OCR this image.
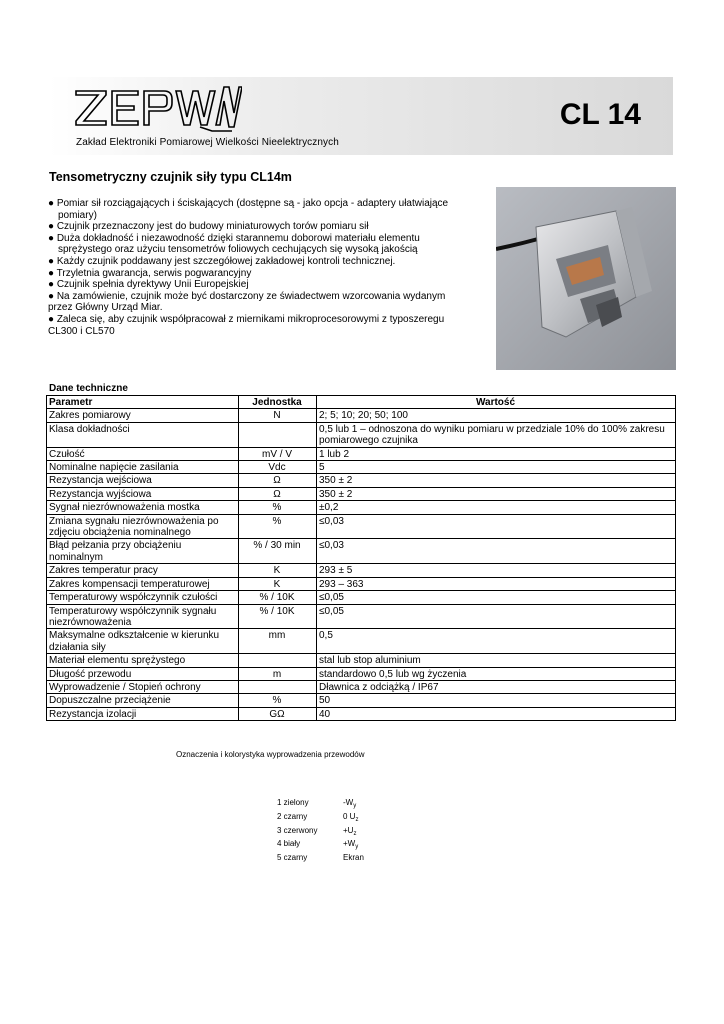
Zakład Elektroniki Pomiarowej Wielkości Nieelektrycznych
CL 14
Tensometryczny czujnik siły typu CL14m
● Pomiar sił rozciągających i ściskających (dostępne są - jako opcja - adaptery ułatwiające
pomiary)
● Czujnik przeznaczony jest do budowy miniaturowych torów pomiaru sił
● Duża dokładność i niezawodność dzięki starannemu doborowi materiału elementu
sprężystego oraz użyciu tensometrów foliowych cechujących się wysoką jakością
● Każdy czujnik poddawany jest szczegółowej zakładowej kontroli technicznej.
● Trzyletnia gwarancja, serwis pogwarancyjny
● Czujnik spełnia dyrektywy Unii Europejskiej
● Na zamówienie, czujnik może być dostarczony ze świadectwem wzorcowania wydanym
przez Główny Urząd Miar.
● Zaleca się, aby czujnik współpracował z miernikami mikroprocesorowymi z typoszeregu
CL300 i CL570
Dane techniczne
Parametr	Jednostka	Wartość
Zakres pomiarowy	N	2; 5; 10; 20; 50; 100
Klasa dokładności		0,5 lub 1 – odnoszona do wyniku pomiaru w przedziale 10% do 100% zakresu pomiarowego czujnika
Czułość	mV / V	1 lub 2
Nominalne napięcie zasilania	Vdc	5
Rezystancja wejściowa	Ω	350 ± 2
Rezystancja wyjściowa	Ω	350 ± 2
Sygnał niezrównoważenia mostka	%	±0,2
Zmiana sygnału niezrównoważenia po zdjęciu obciążenia nominalnego	%	≤0,03
Błąd pełzania przy obciążeniu nominalnym	% / 30 min	≤0,03
Zakres temperatur pracy	K	293 ± 5
Zakres kompensacji temperaturowej	K	293 – 363
Temperaturowy współczynnik czułości	% / 10K	≤0,05
Temperaturowy współczynnik sygnału niezrównoważenia	% / 10K	≤0,05
Maksymalne odkształcenie w kierunku działania siły	mm	0,5
Materiał elementu sprężystego		stal lub stop aluminium
Długość przewodu	m	standardowo 0,5 lub wg życzenia
Wyprowadzenie / Stopień ochrony		Dławnica z odciążką / IP67
Dopuszczalne przeciążenie	%	50
Rezystancja izolacji	GΩ	40
Oznaczenia i kolorystyka wyprowadzenia przewodów
1 zielony	$-W_y$
2 czarny	0 $U_z$
3 czerwony	$+U_z$
4 biały	$+W_y$
5 czarny	Ekran
